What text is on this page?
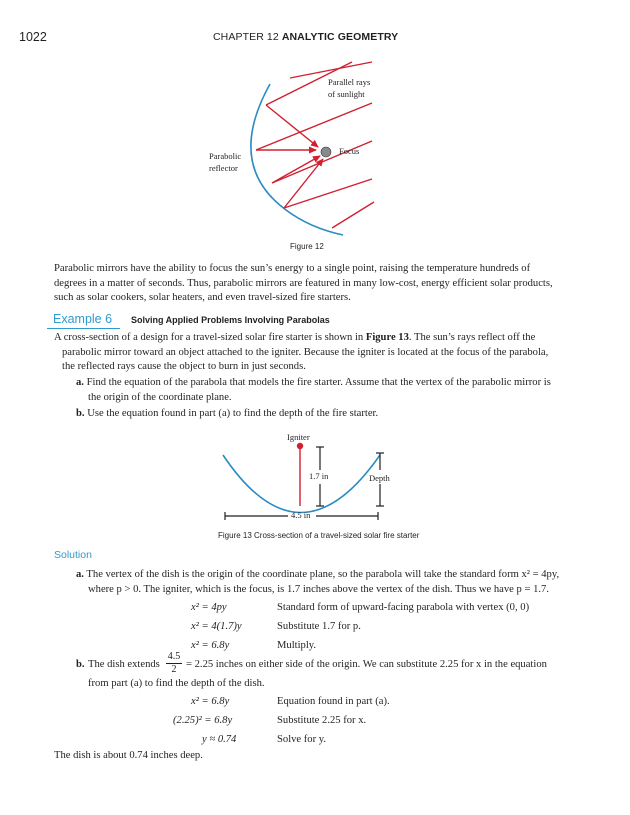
1022	CHAPTER 12 ANALYTIC GEOMETRY
Parallel rays
of sunlight
Parabolic
reflector
Focus
Figure 12
Parabolic mirrors have the ability to focus the sun’s energy to a single point, raising the temperature hundreds of
degrees in a matter of seconds. Thus, parabolic mirrors are featured in many low-cost, energy efficient solar products,
such as solar cookers, solar heaters, and even travel-sized fire starters.
Example 6 Solving Applied Problems Involving Parabolas
A cross-section of a design for a travel-sized solar fire starter is shown in Figure 13. The sun’s rays reflect off the
parabolic mirror toward an object attached to the igniter. Because the igniter is located at the focus of the parabola,
the reflected rays cause the object to burn in just seconds.
a. Find the equation of the parabola that models the fire starter. Assume that the vertex of the parabolic mirror is
the origin of the coordinate plane.
b. Use the equation found in part (a) to find the depth of the fire starter.
Igniter
1.7 in	Depth
4.5 in
Figure 13 Cross-section of a travel-sized solar fire starter
Solution
a. The vertex of the dish is the origin of the coordinate plane, so the parabola will take the standard form x² = 4py,
where p > 0. The igniter, which is the focus, is 1.7 inches above the vertex of the dish. Thus we have p = 1.7.
x² = 4py	Standard form of upward-facing parabola with vertex (0, 0)
x² = 4(1.7)y	Substitute 1.7 for p.
x² = 6.8y	Multiply.
b. The dish extends $\frac{4.5}{2} = 2.25$ inches on either side of the origin. We can substitute 2.25 for x in the equation
from part (a) to find the depth of the dish.
x² = 6.8y	Equation found in part (a).
(2.25)² = 6.8y	Substitute 2.25 for x.
y ≈ 0.74	Solve for y.
The dish is about 0.74 inches deep.
